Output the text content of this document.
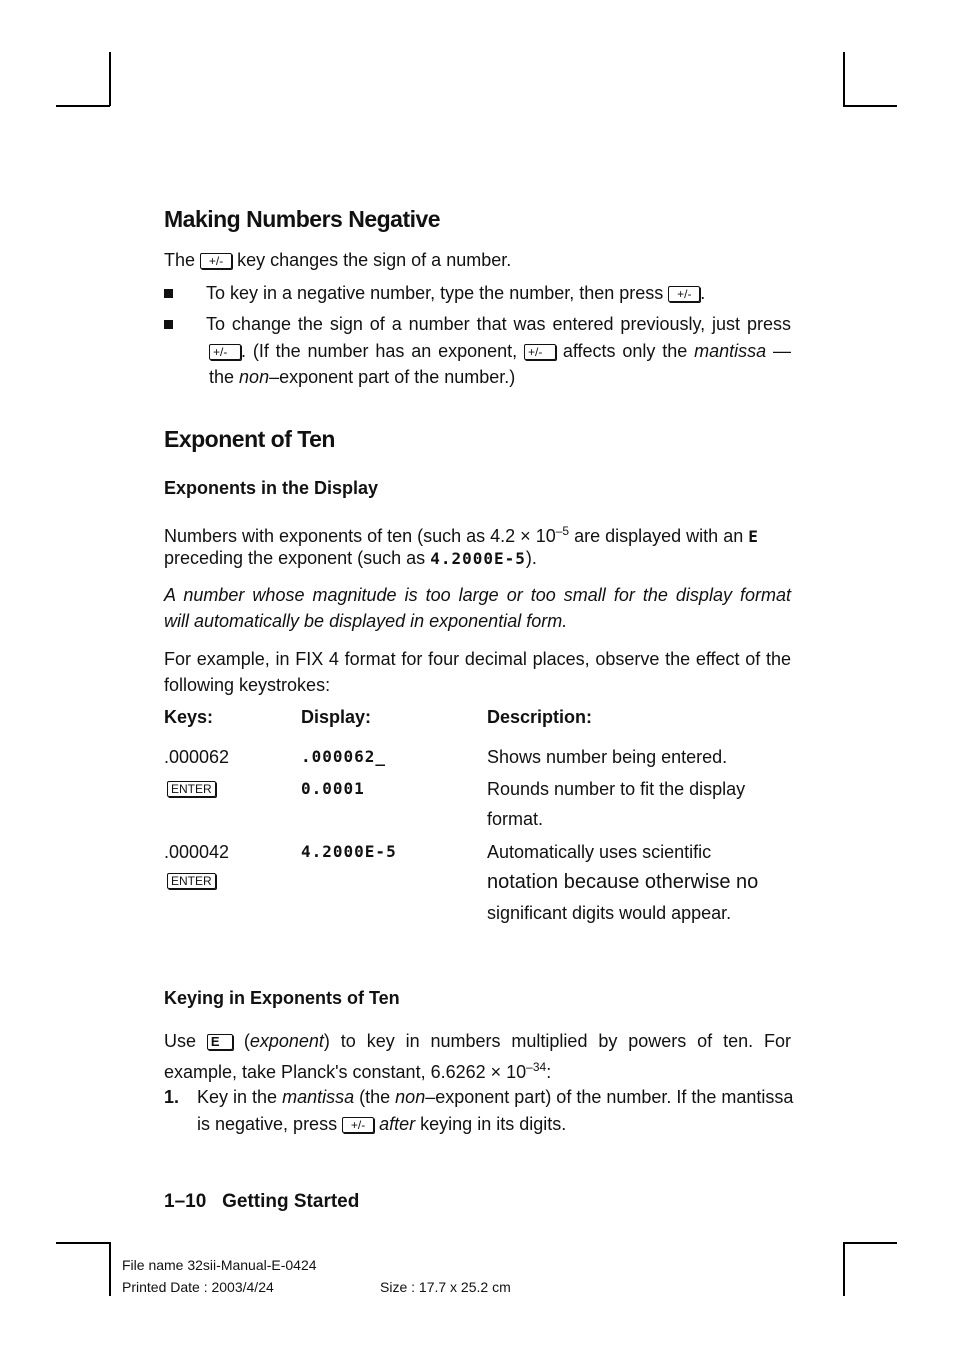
Making Numbers Negative
The +/- key changes the sign of a number.
To key in a negative number, type the number, then press +/- .
To change the sign of a number that was entered previously, just press
+/- . (If the number has an exponent, +/- affects only the mantissa —
the non–exponent part of the number.)
Exponent of Ten
Exponents in the Display
Numbers with exponents of ten (such as $4.2 \times 10^{-5}$ are displayed with an E
preceding the exponent (such as 4.2000E-5).
A number whose magnitude is too large or too small for the display format
will automatically be displayed in exponential form.
For example, in FIX 4 format for four decimal places, observe the effect of the
following keystrokes:
Keys:	Display:	Description:
.000062	.000062_	Shows number being entered.
ENTER	0.0001	Rounds number to fit the display
format.
.000042	4.2000E-5	Automatically uses scientific
ENTER	notation because otherwise no
significant digits would appear.
Keying in Exponents of Ten
Use E (exponent) to key in numbers multiplied by powers of ten. For
example, take Planck's constant, $6.6262 \times 10^{-34}$:
1. Key in the mantissa (the non–exponent part) of the number. If the mantissa
is negative, press +/- after keying in its digits.
1–10   Getting Started
File name 32sii-Manual-E-0424
Printed Date : 2003/4/24	Size : 17.7 x 25.2 cm
